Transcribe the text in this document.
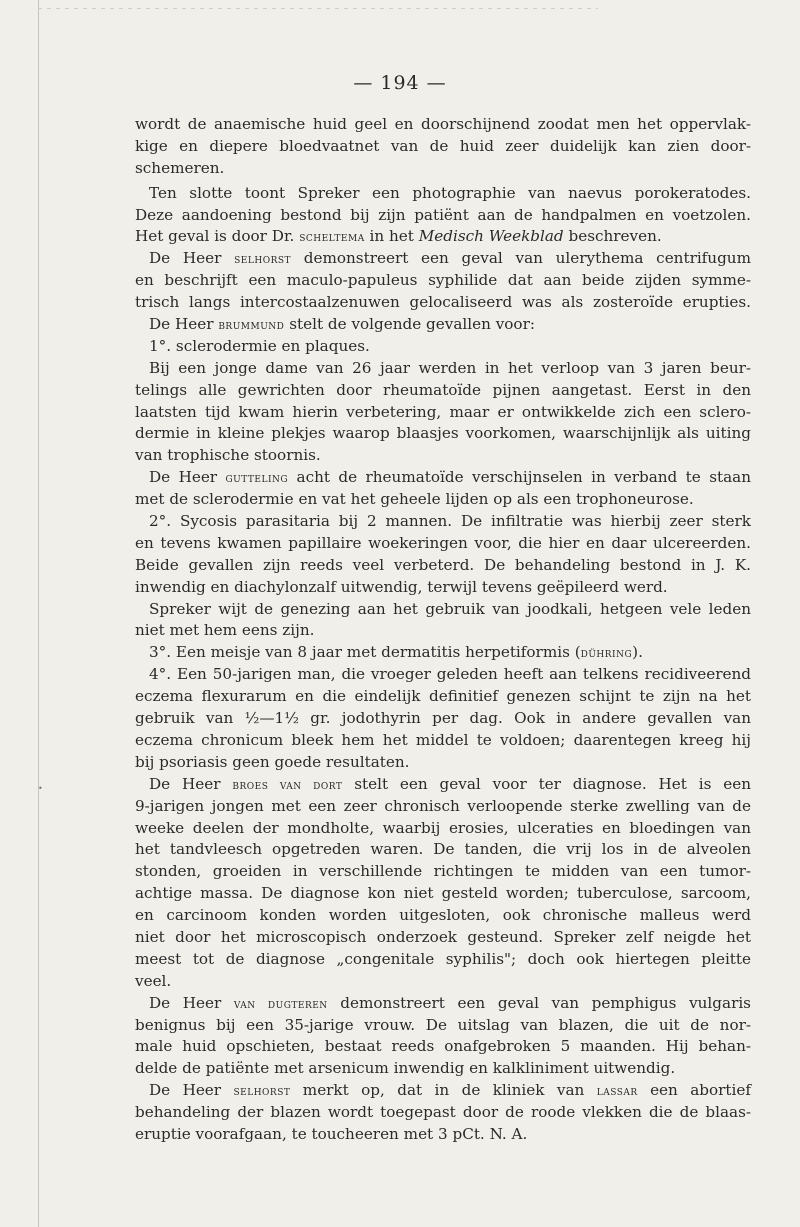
— 194 —
wordt de anaemische huid geel en doorschijnend zoodat men het oppervlak-
kige en diepere bloedvaatnet van de huid zeer duidelijk kan zien door-
schemeren.
Ten slotte toont Spreker een photographie van naevus porokeratodes.
Deze aandoening bestond bij zijn patiënt aan de handpalmen en voetzolen.
Het geval is door Dr. scheltema in het Medisch Weekblad beschreven.
De Heer selhorst demonstreert een geval van ulerythema centrifugum
en beschrijft een maculo-papuleus syphilide dat aan beide zijden symme-
trisch langs intercostaalzenuwen gelocaliseerd was als zosteroïde erupties.
De Heer brummund stelt de volgende gevallen voor:
1°. sclerodermie en plaques.
Bij een jonge dame van 26 jaar werden in het verloop van 3 jaren beur-
telings alle gewrichten door rheumatoïde pijnen aangetast. Eerst in den
laatsten tijd kwam hierin verbetering, maar er ontwikkelde zich een sclero-
dermie in kleine plekjes waarop blaasjes voorkomen, waarschijnlijk als uiting
van trophische stoornis.
De Heer gutteling acht de rheumatoïde verschijnselen in verband te staan
met de sclerodermie en vat het geheele lijden op als een trophoneurose.
2°. Sycosis parasitaria bij 2 mannen. De infiltratie was hierbij zeer sterk
en tevens kwamen papillaire woekeringen voor, die hier en daar ulcereerden.
Beide gevallen zijn reeds veel verbeterd. De behandeling bestond in J. K.
inwendig en diachylonzalf uitwendig, terwijl tevens geëpileerd werd.
Spreker wijt de genezing aan het gebruik van joodkali, hetgeen vele leden
niet met hem eens zijn.
3°. Een meisje van 8 jaar met dermatitis herpetiformis (dühring).
4°. Een 50-jarigen man, die vroeger geleden heeft aan telkens recidiveerend
eczema flexurarum en die eindelijk definitief genezen schijnt te zijn na het
gebruik van ½—1½ gr. jodothyrin per dag. Ook in andere gevallen van
eczema chronicum bleek hem het middel te voldoen; daarentegen kreeg hij
bij psoriasis geen goede resultaten.
De Heer broes van dort stelt een geval voor ter diagnose. Het is een
9-jarigen jongen met een zeer chronisch verloopende sterke zwelling van de
weeke deelen der mondholte, waarbij erosies, ulceraties en bloedingen van
het tandvleesch opgetreden waren. De tanden, die vrij los in de alveolen
stonden, groeiden in verschillende richtingen te midden van een tumor-
achtige massa. De diagnose kon niet gesteld worden; tuberculose, sarcoom,
en carcinoom konden worden uitgesloten, ook chronische malleus werd
niet door het microscopisch onderzoek gesteund. Spreker zelf neigde het
meest tot de diagnose „congenitale syphilis"; doch ook hiertegen pleitte
veel.
De Heer van dugteren demonstreert een geval van pemphigus vulgaris
benignus bij een 35-jarige vrouw. De uitslag van blazen, die uit de nor-
male huid opschieten, bestaat reeds onafgebroken 5 maanden. Hij behan-
delde de patiënte met arsenicum inwendig en kalkliniment uitwendig.
De Heer selhorst merkt op, dat in de kliniek van lassar een abortief
behandeling der blazen wordt toegepast door de roode vlekken die de blaas-
eruptie voorafgaan, te toucheeren met 3 pCt. N. A.
•
